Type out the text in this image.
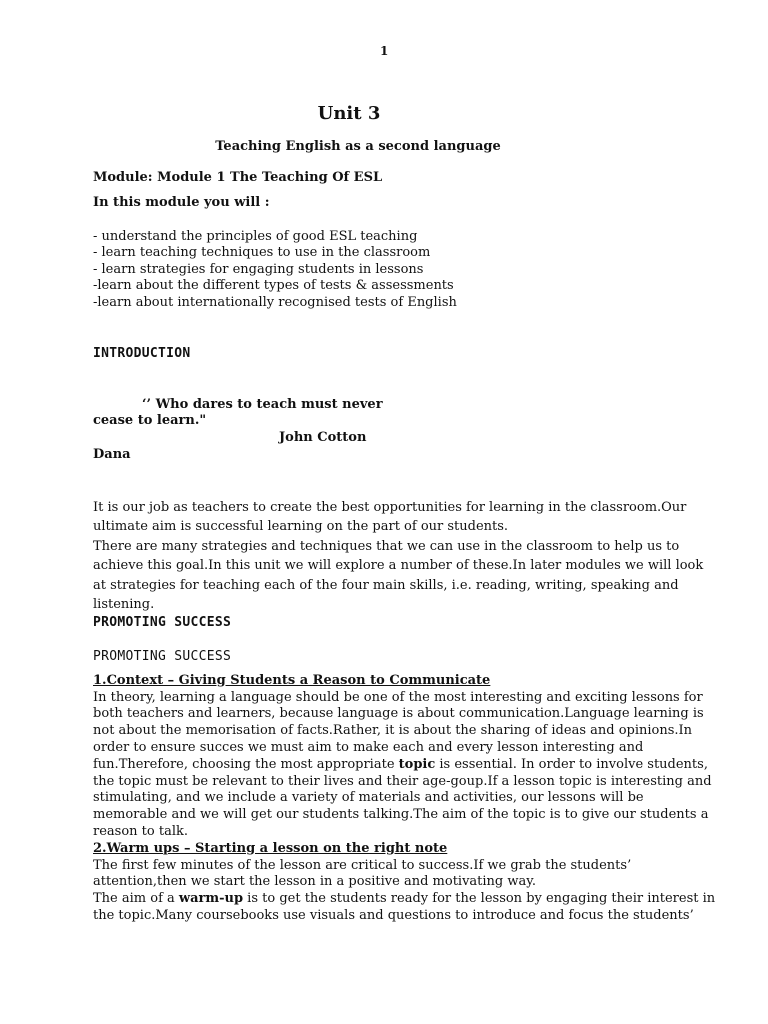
1
Unit 3
Teaching English as a second language
Module: Module 1 The Teaching Of ESL
In this module you will :
- understand the principles of good ESL teaching
- learn teaching techniques to use in the classroom
- learn strategies for engaging students in lessons
-learn about the different types of tests & assessments
-learn about internationally recognised tests of English
INTRODUCTION
‘’ Who dares to teach must never
cease to learn."
John Cotton
Dana
It is our job as teachers to create the best opportunities for learning in the classroom.Our
ultimate aim is successful learning on the part of our students.
There are many strategies and techniques that we can use in the classroom to help us to
achieve this goal.In this unit we will explore a number of these.In later modules we will look
at strategies for teaching each of the four main skills, i.e. reading, writing, speaking and
listening.
PROMOTING SUCCESS
PROMOTING SUCCESS
1.Context – Giving Students a Reason to Communicate
In theory, learning a language should be one of the most interesting and exciting lessons for
both teachers and learners, because language is about communication.Language learning is
not about the memorisation of facts.Rather, it is about the sharing of ideas and opinions.In
order to ensure succes we must aim to make each and every lesson interesting and
fun.Therefore, choosing the most appropriate topic is essential. In order to involve students,
the topic must be relevant to their lives and their age-goup.If a lesson topic is interesting and
stimulating, and we include a variety of materials and activities, our lessons will be
memorable and we will get our students talking.The aim of the topic is to give our students a
reason to talk.
2.Warm ups – Starting a lesson on the right note
The first few minutes of the lesson are critical to success.If we grab the students’
attention,then we start the lesson in a positive and motivating way.
The aim of a warm-up is to get the students ready for the lesson by engaging their interest in
the topic.Many coursebooks use visuals and questions to introduce and focus the students’
